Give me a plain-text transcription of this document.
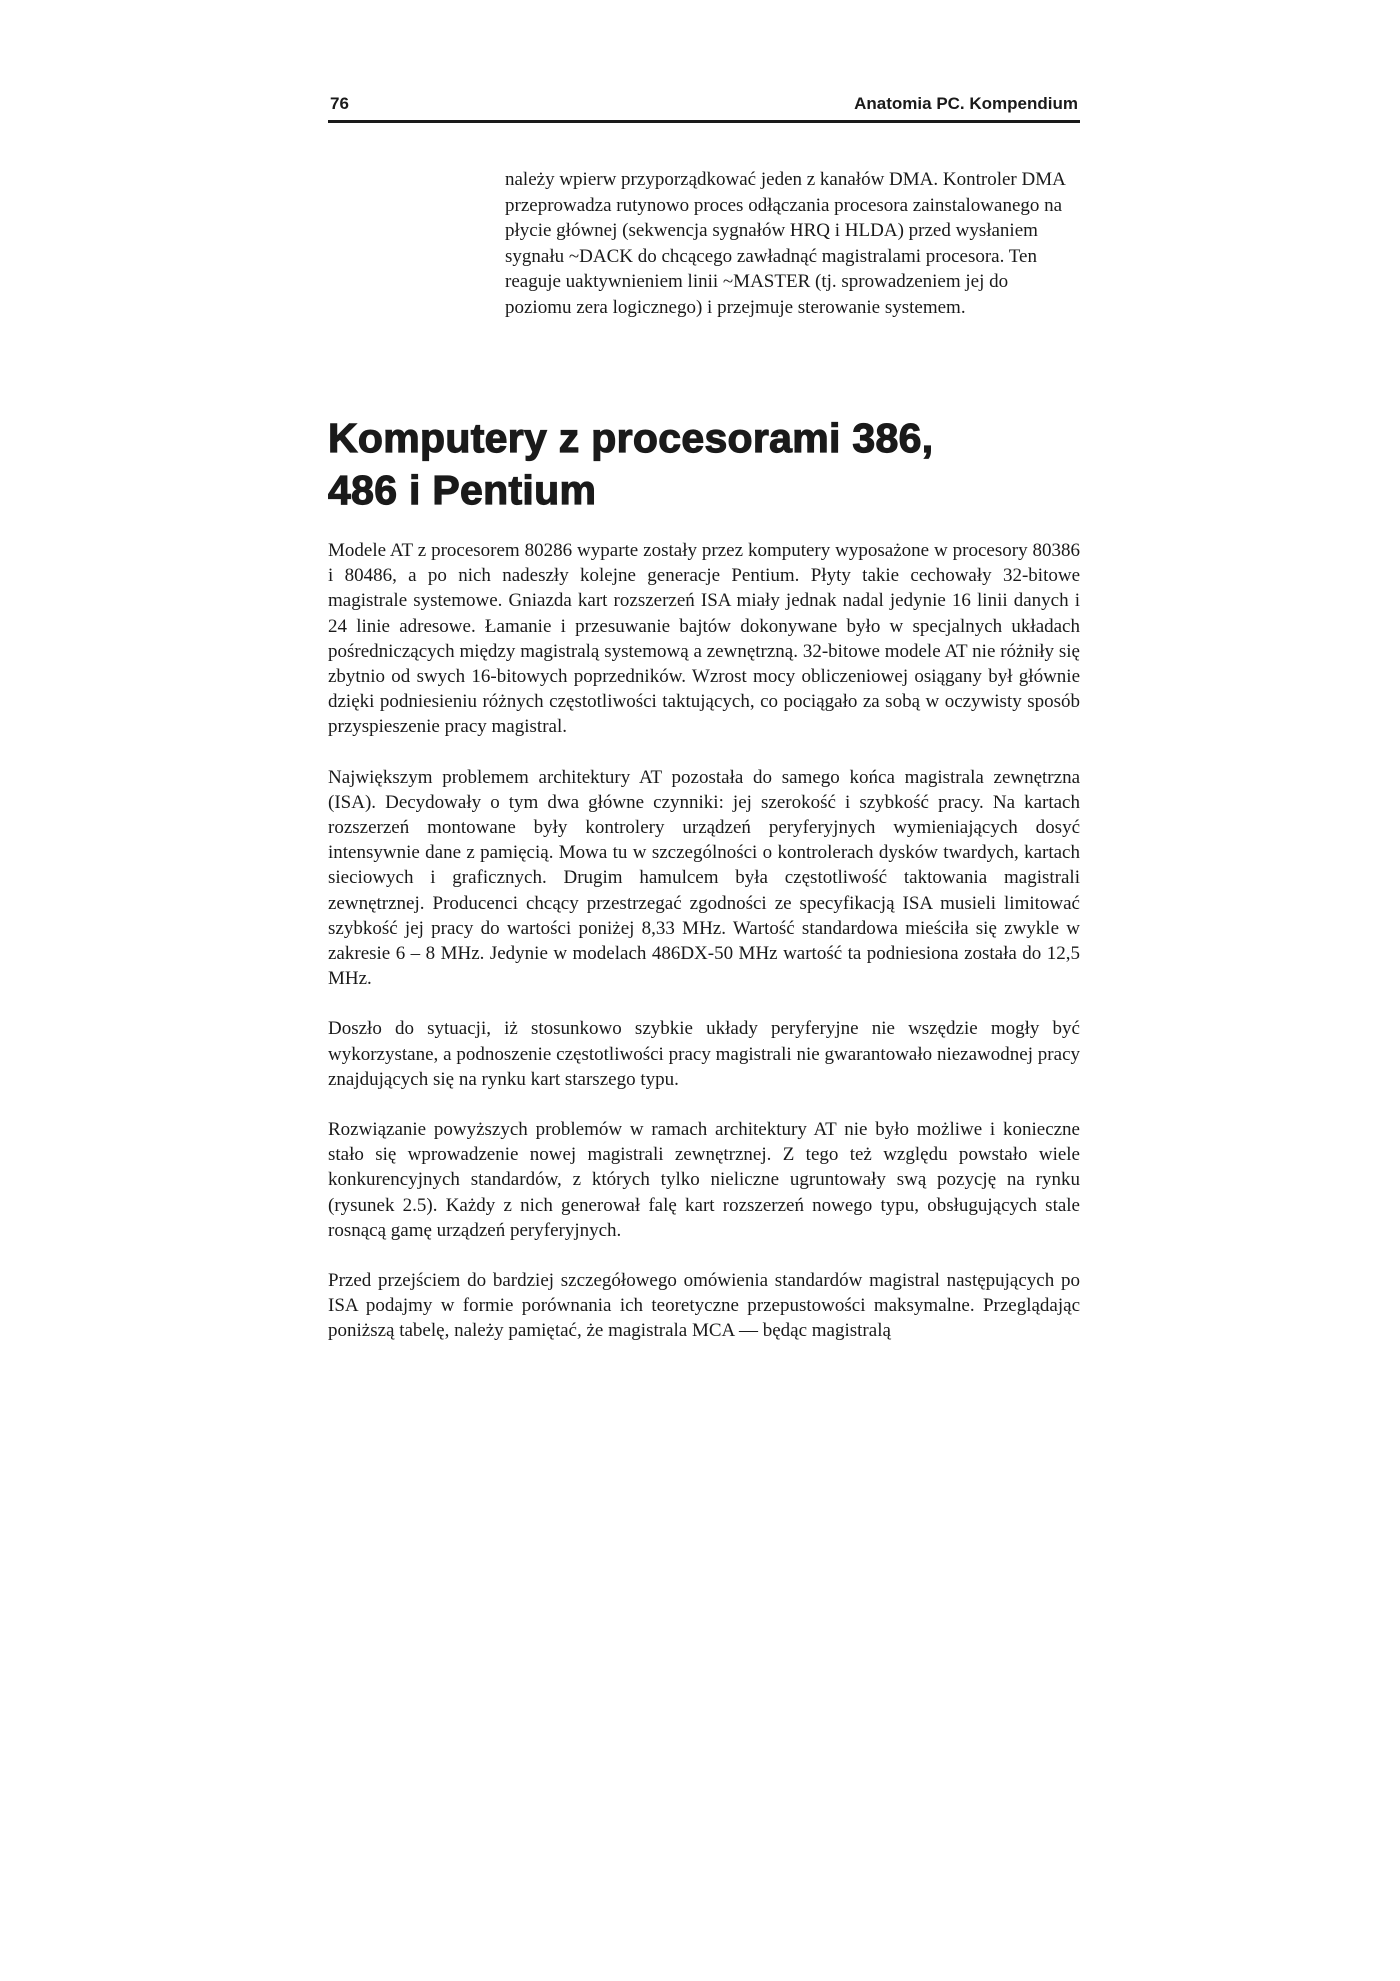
76	Anatomia PC. Kompendium

należy wpierw przyporządkować jeden z kanałów DMA. Kontroler DMA przeprowadza rutynowo proces odłączania procesora zainstalowanego na płycie głównej (sekwencja sygnałów HRQ i HLDA) przed wysłaniem sygnału ~DACK do chcącego zawładnąć magistralami procesora. Ten reaguje uaktywnieniem linii ~MASTER (tj. sprowadzeniem jej do poziomu zera logicznego) i przejmuje sterowanie systemem.

Komputery z procesorami 386,
486 i Pentium

Modele AT z procesorem 80286 wyparte zostały przez komputery wyposażone w procesory 80386 i 80486, a po nich nadeszły kolejne generacje Pentium. Płyty takie cechowały 32-bitowe magistrale systemowe. Gniazda kart rozszerzeń ISA miały jednak nadal jedynie 16 linii danych i 24 linie adresowe. Łamanie i przesuwanie bajtów dokonywane było w specjalnych układach pośredniczących między magistralą systemową a zewnętrzną. 32-bitowe modele AT nie różniły się zbytnio od swych 16-bitowych poprzedników. Wzrost mocy obliczeniowej osiągany był głównie dzięki podniesieniu różnych częstotliwości taktujących, co pociągało za sobą w oczywisty sposób przyspieszenie pracy magistral.

Największym problemem architektury AT pozostała do samego końca magistrala zewnętrzna (ISA). Decydowały o tym dwa główne czynniki: jej szerokość i szybkość pracy. Na kartach rozszerzeń montowane były kontrolery urządzeń peryferyjnych wymieniających dosyć intensywnie dane z pamięcią. Mowa tu w szczególności o kontrolerach dysków twardych, kartach sieciowych i graficznych. Drugim hamulcem była częstotliwość taktowania magistrali zewnętrznej. Producenci chcący przestrzegać zgodności ze specyfikacją ISA musieli limitować szybkość jej pracy do wartości poniżej 8,33 MHz. Wartość standardowa mieściła się zwykle w zakresie 6 – 8 MHz. Jedynie w modelach 486DX-50 MHz wartość ta podniesiona została do 12,5 MHz.

Doszło do sytuacji, iż stosunkowo szybkie układy peryferyjne nie wszędzie mogły być wykorzystane, a podnoszenie częstotliwości pracy magistrali nie gwarantowało niezawodnej pracy znajdujących się na rynku kart starszego typu.

Rozwiązanie powyższych problemów w ramach architektury AT nie było możliwe i konieczne stało się wprowadzenie nowej magistrali zewnętrznej. Z tego też względu powstało wiele konkurencyjnych standardów, z których tylko nieliczne ugruntowały swą pozycję na rynku (rysunek 2.5). Każdy z nich generował falę kart rozszerzeń nowego typu, obsługujących stale rosnącą gamę urządzeń peryferyjnych.

Przed przejściem do bardziej szczegółowego omówienia standardów magistral następujących po ISA podajmy w formie porównania ich teoretyczne przepustowości maksymalne. Przeglądając poniższą tabelę, należy pamiętać, że magistrala MCA — będąc magistralą
